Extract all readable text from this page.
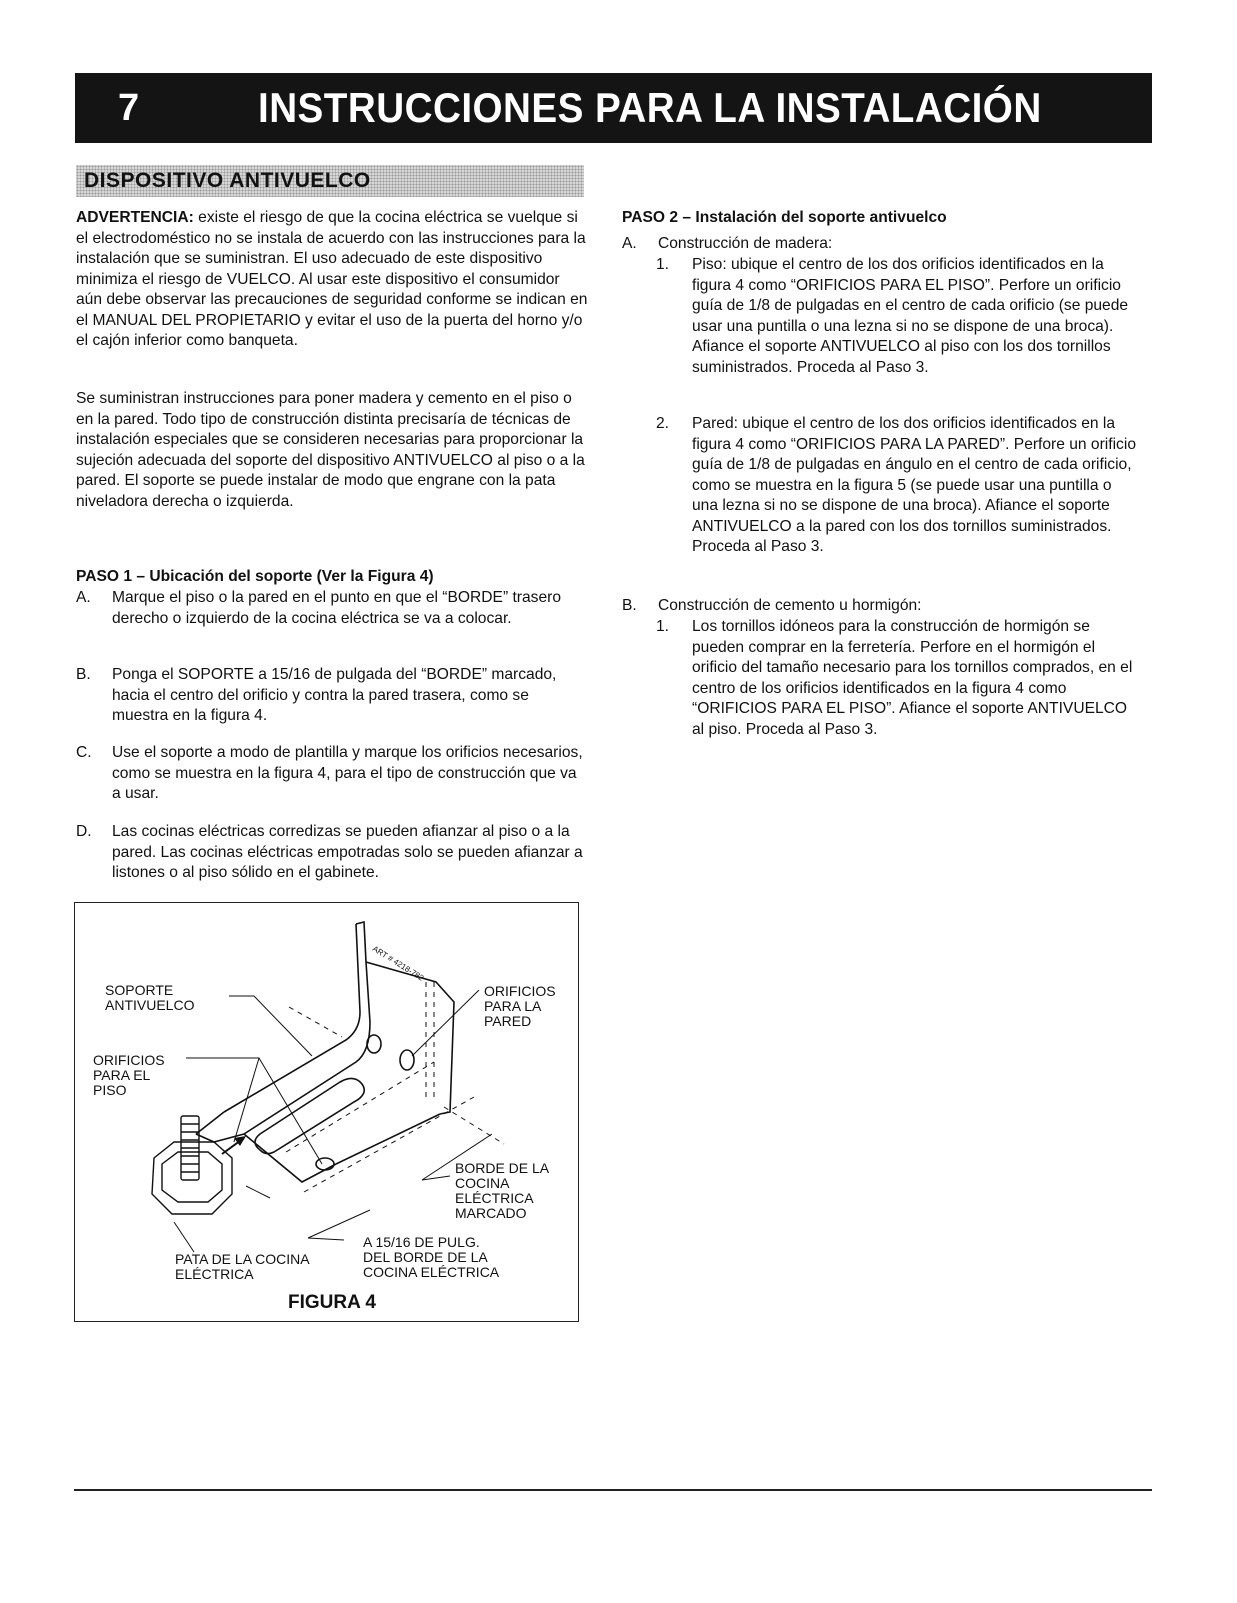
7	INSTRUCCIONES PARA LA INSTALACIÓN
DISPOSITIVO ANTIVUELCO

ADVERTENCIA: existe el riesgo de que la cocina eléctrica se vuelque si el electrodoméstico no se instala de acuerdo con las instrucciones para la instalación que se suministran. El uso adecuado de este dispositivo minimiza el riesgo de VUELCO. Al usar este dispositivo el consumidor aún debe observar las precauciones de seguridad conforme se indican en el MANUAL DEL PROPIETARIO y evitar el uso de la puerta del horno y/o el cajón inferior como banqueta.

Se suministran instrucciones para poner madera y cemento en el piso o en la pared. Todo tipo de construcción distinta precisaría de técnicas de instalación especiales que se consideren necesarias para proporcionar la sujeción adecuada del soporte del dispositivo ANTIVUELCO al piso o a la pared. El soporte se puede instalar de modo que engrane con la pata niveladora derecha o izquierda.

PASO 1 – Ubicación del soporte (Ver la Figura 4)

A. Marque el piso o la pared en el punto en que el “BORDE” trasero derecho o izquierdo de la cocina eléctrica se va a colocar.
B. Ponga el SOPORTE a 15/16 de pulgada del “BORDE” marcado, hacia el centro del orificio y contra la pared trasera, como se muestra en la figura 4.
C. Use el soporte a modo de plantilla y marque los orificios necesarios, como se muestra en la figura 4, para el tipo de construcción que va a usar.
D. Las cocinas eléctricas corredizas se pueden afianzar al piso o a la pared. Las cocinas eléctricas empotradas solo se pueden afianzar a listones o al piso sólido en el gabinete.
ART # 4218-782
SOPORTE
ANTIVUELCO
ORIFICIOS
PARA EL
PISO
ORIFICIOS
PARA LA
PARED
BORDE DE LA
COCINA
ELÉCTRICA
MARCADO
A 15/16 DE PULG.
DEL BORDE DE LA
COCINA ELÉCTRICA
PATA DE LA COCINA
ELÉCTRICA
FIGURA 4

PASO 2 – Instalación del soporte antivuelco

A. Construcción de madera:
1. Piso: ubique el centro de los dos orificios identificados en la figura 4 como “ORIFICIOS PARA EL PISO”. Perfore un orificio guía de 1/8 de pulgadas en el centro de cada orificio (se puede usar una puntilla o una lezna si no se dispone de una broca). Afiance el soporte ANTIVUELCO al piso con los dos tornillos suministrados. Proceda al Paso 3.
2. Pared: ubique el centro de los dos orificios identificados en la figura 4 como “ORIFICIOS PARA LA PARED”. Perfore un orificio guía de 1/8 de pulgadas en ángulo en el centro de cada orificio, como se muestra en la figura 5 (se puede usar una puntilla o una lezna si no se dispone de una broca). Afiance el soporte ANTIVUELCO a la pared con los dos tornillos suministrados. Proceda al Paso 3.
B. Construcción de cemento u hormigón:
1. Los tornillos idóneos para la construcción de hormigón se pueden comprar en la ferretería. Perfore en el hormigón el orificio del tamaño necesario para los tornillos comprados, en el centro de los orificios identificados en la figura 4 como “ORIFICIOS PARA EL PISO”. Afiance el soporte ANTIVUELCO al piso. Proceda al Paso 3.
